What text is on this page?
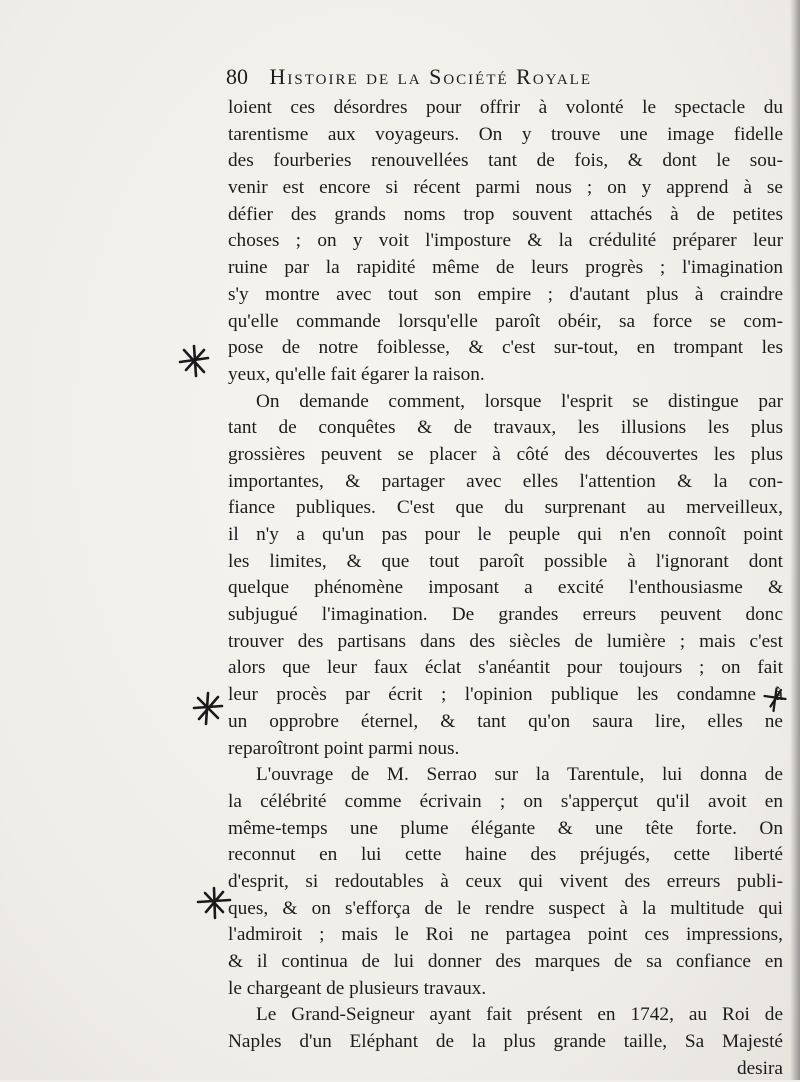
80 Histoire de la Société Royale
loient ces désordres pour offrir à volonté le spectacle du
tarentisme aux voyageurs. On y trouve une image fidelle
des fourberies renouvellées tant de fois, & dont le sou-
venir est encore si récent parmi nous ; on y apprend à se
défier des grands noms trop souvent attachés à de petites
choses ; on y voit l'imposture & la crédulité préparer leur
ruine par la rapidité même de leurs progrès ; l'imagination
s'y montre avec tout son empire ; d'autant plus à craindre
qu'elle commande lorsqu'elle paroît obéir, sa force se com-
pose de notre foiblesse, & c'est sur-tout, en trompant les
yeux, qu'elle fait égarer la raison.
On demande comment, lorsque l'esprit se distingue par
tant de conquêtes & de travaux, les illusions les plus
grossières peuvent se placer à côté des découvertes les plus
importantes, & partager avec elles l'attention & la con-
fiance publiques. C'est que du surprenant au merveilleux,
il n'y a qu'un pas pour le peuple qui n'en connoît point
les limites, & que tout paroît possible à l'ignorant dont
quelque phénomène imposant a excité l'enthousiasme &
subjugué l'imagination. De grandes erreurs peuvent donc
trouver des partisans dans des siècles de lumière ; mais c'est
alors que leur faux éclat s'anéantit pour toujours ; on fait
leur procès par écrit ; l'opinion publique les condamne à
un opprobre éternel, & tant qu'on saura lire, elles ne
reparoîtront point parmi nous.
L'ouvrage de M. Serrao sur la Tarentule, lui donna de
la célébrité comme écrivain ; on s'apperçut qu'il avoit en
même-temps une plume élégante & une tête forte. On
reconnut en lui cette haine des préjugés, cette liberté
d'esprit, si redoutables à ceux qui vivent des erreurs publi-
ques, & on s'efforça de le rendre suspect à la multitude qui
l'admiroit ; mais le Roi ne partagea point ces impressions,
& il continua de lui donner des marques de sa confiance en
le chargeant de plusieurs travaux.
Le Grand-Seigneur ayant fait présent en 1742, au Roi de
Naples d'un Eléphant de la plus grande taille, Sa Majesté
desira
